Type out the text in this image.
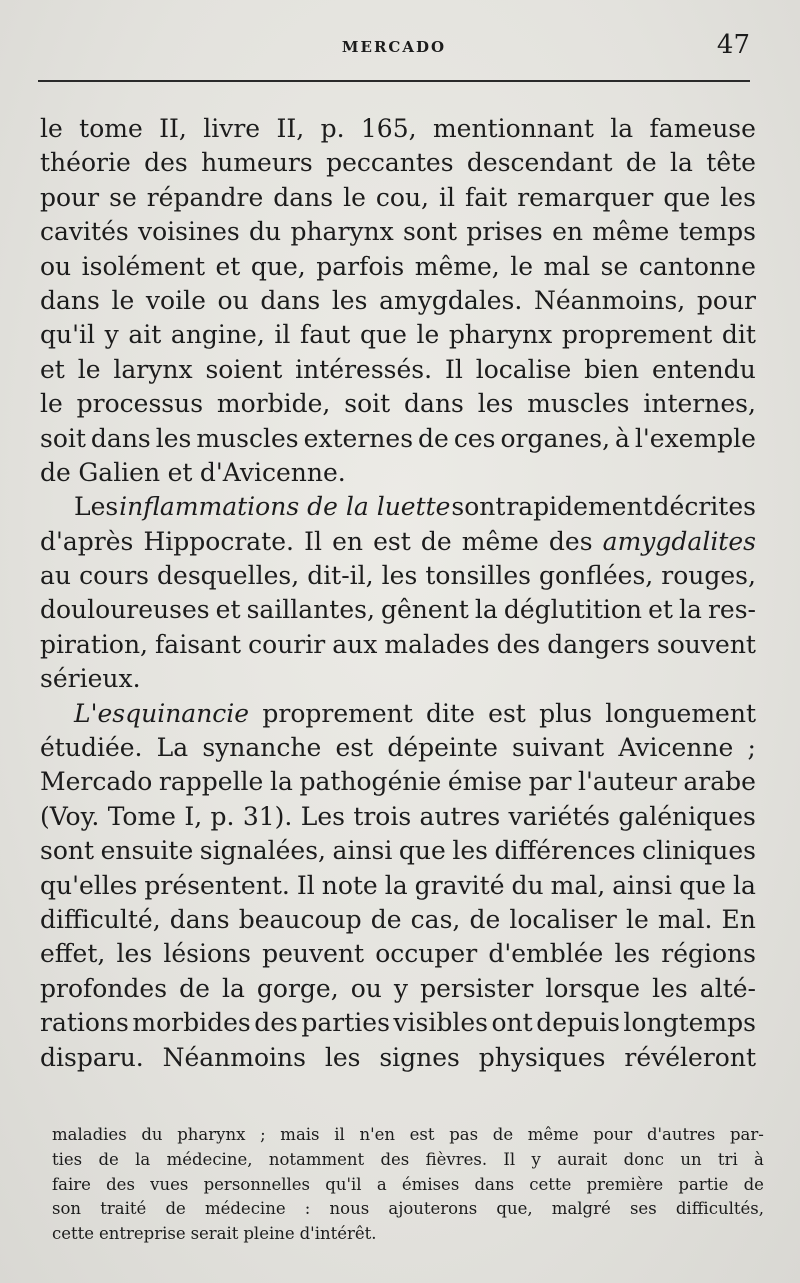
MERCADO	47
le tome II, livre II, p. 165, mentionnant la fameuse
théorie des humeurs peccantes descendant de la tête
pour se répandre dans le cou, il fait remarquer que les
cavités voisines du pharynx sont prises en même temps
ou isolément et que, parfois même, le mal se cantonne
dans le voile ou dans les amygdales. Néanmoins, pour
qu'il y ait angine, il faut que le pharynx proprement dit
et le larynx soient intéressés. Il localise bien entendu
le processus morbide, soit dans les muscles internes,
soit dans les muscles externes de ces organes, à l'exemple
de Galien et d'Avicenne.
Les inflammations de la luette sont rapidement décrites
d'après Hippocrate. Il en est de même des amygdalites
au cours desquelles, dit-il, les tonsilles gonflées, rouges,
douloureuses et saillantes, gênent la déglutition et la res-
piration, faisant courir aux malades des dangers souvent
sérieux.
L'esquinancie proprement dite est plus longuement
étudiée. La synanche est dépeinte suivant Avicenne ;
Mercado rappelle la pathogénie émise par l'auteur arabe
(Voy. Tome I, p. 31). Les trois autres variétés galéniques
sont ensuite signalées, ainsi que les différences cliniques
qu'elles présentent. Il note la gravité du mal, ainsi que la
difficulté, dans beaucoup de cas, de localiser le mal. En
effet, les lésions peuvent occuper d'emblée les régions
profondes de la gorge, ou y persister lorsque les alté-
rations morbides des parties visibles ont depuis longtemps
disparu. Néanmoins les signes physiques révéleront
maladies du pharynx ; mais il n'en est pas de même pour d'autres par-
ties de la médecine, notamment des fièvres. Il y aurait donc un tri à
faire des vues personnelles qu'il a émises dans cette première partie de
son traité de médecine : nous ajouterons que, malgré ses difficultés,
cette entreprise serait pleine d'intérêt.
